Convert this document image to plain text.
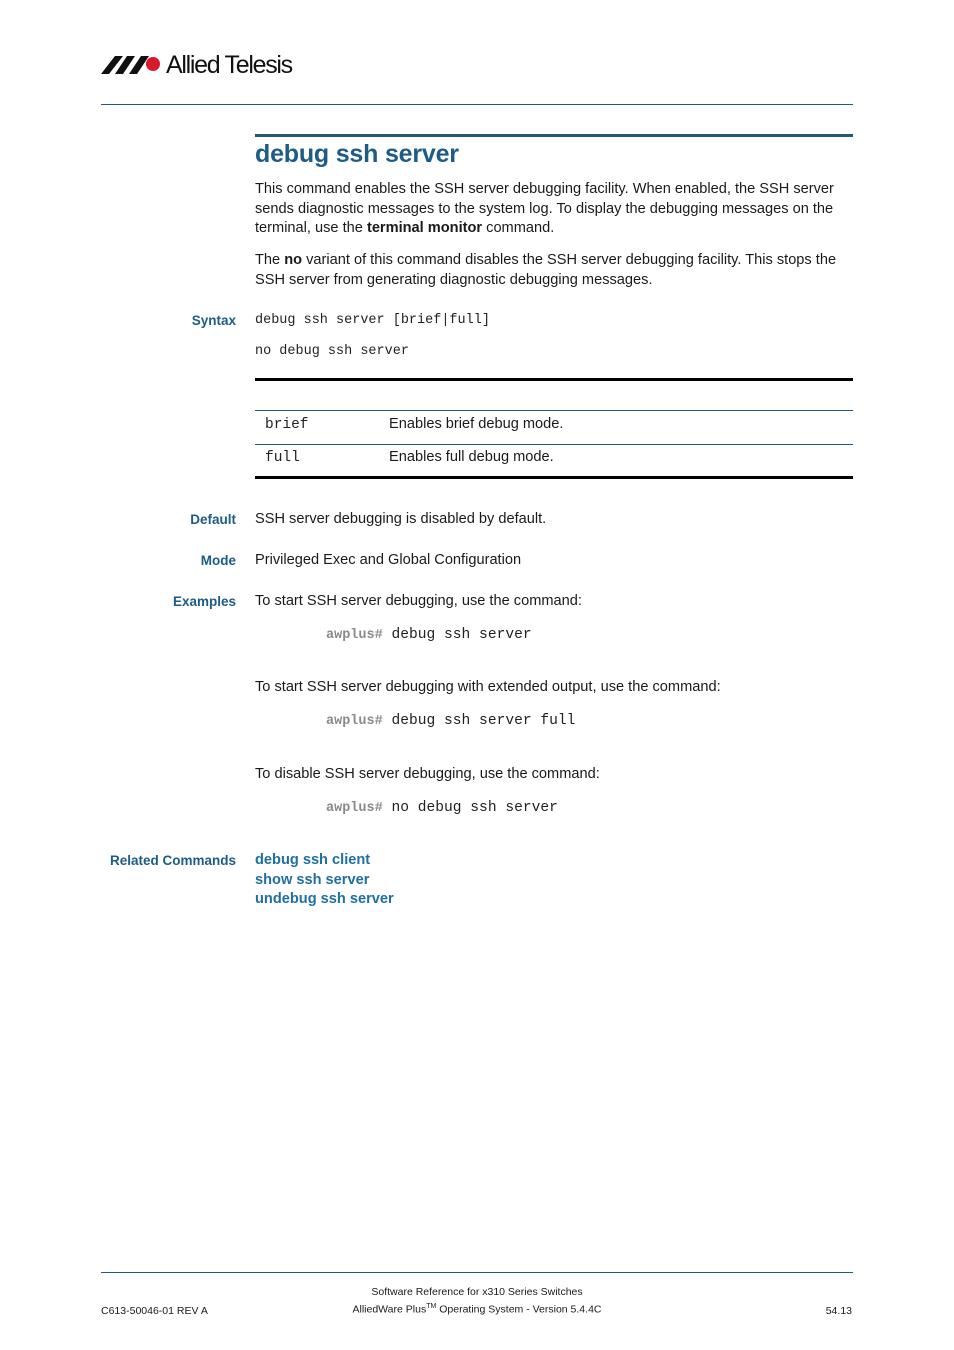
Allied Telesis
debug ssh server
This command enables the SSH server debugging facility. When enabled, the SSH server sends diagnostic messages to the system log. To display the debugging messages on the terminal, use the terminal monitor command.
The no variant of this command disables the SSH server debugging facility. This stops the SSH server from generating diagnostic debugging messages.
Syntax debug ssh server [brief|full]
no debug ssh server
brief	Enables brief debug mode.
full	Enables full debug mode.
Default SSH server debugging is disabled by default.
Mode Privileged Exec and Global Configuration
Examples To start SSH server debugging, use the command:
awplus# debug ssh server
To start SSH server debugging with extended output, use the command:
awplus# debug ssh server full
To disable SSH server debugging, use the command:
awplus# no debug ssh server
Related Commands debug ssh client
show ssh server
undebug ssh server
Software Reference for x310 Series Switches
C613-50046-01 REV A	AlliedWare Plus™ Operating System - Version 5.4.4C	54.13
